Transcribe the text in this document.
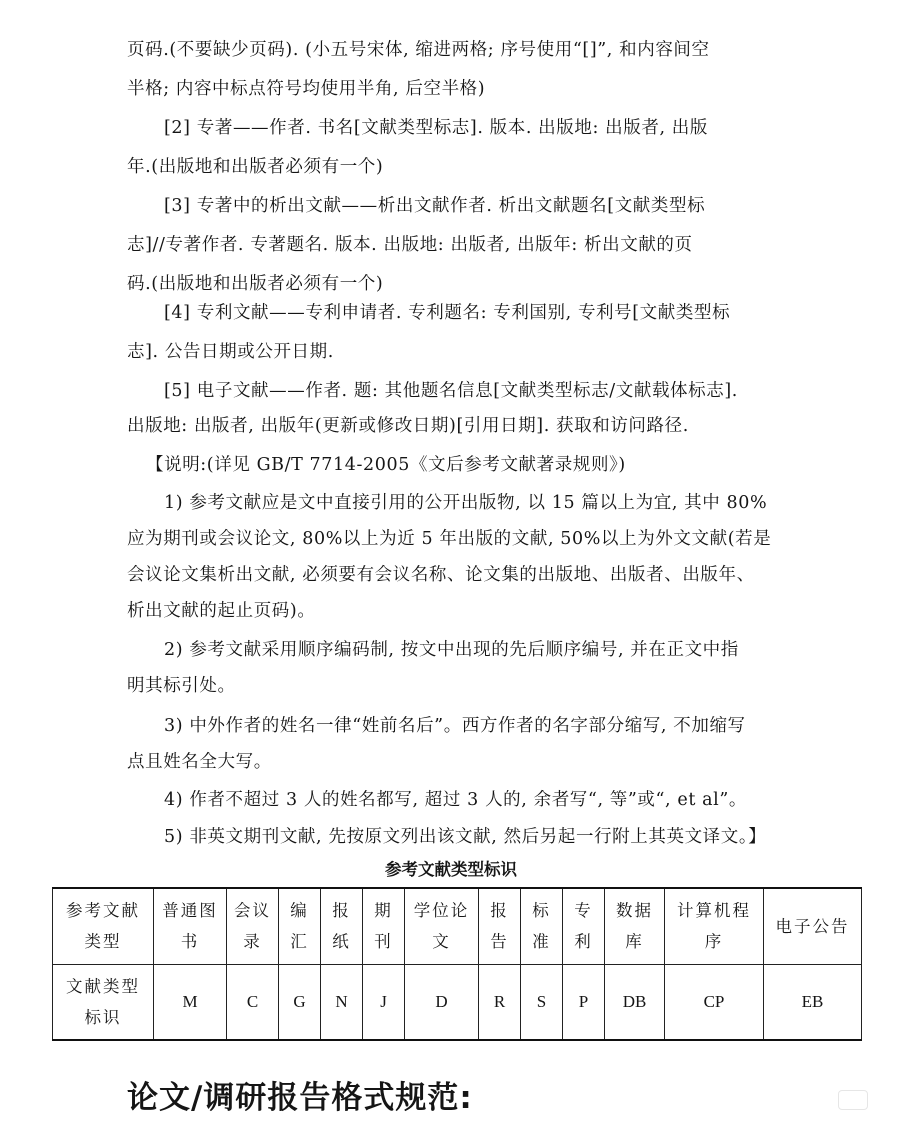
页码.(不要缺少页码). (小五号宋体, 缩进两格; 序号使用“[]”, 和内容间空
半格; 内容中标点符号均使用半角, 后空半格)
[2] 专著——作者. 书名[文献类型标志]. 版本. 出版地: 出版者, 出版
年.(出版地和出版者必须有一个)
[3] 专著中的析出文献——析出文献作者. 析出文献题名[文献类型标
志]//专著作者. 专著题名. 版本. 出版地: 出版者, 出版年: 析出文献的页
码.(出版地和出版者必须有一个)
[4] 专利文献——专利申请者. 专利题名: 专利国别, 专利号[文献类型标
志]. 公告日期或公开日期.
[5] 电子文献——作者. 题: 其他题名信息[文献类型标志/文献载体标志].
出版地: 出版者, 出版年(更新或修改日期)[引用日期]. 获取和访问路径.
【说明:(详见 GB/T 7714-2005《文后参考文献著录规则》)
1) 参考文献应是文中直接引用的公开出版物, 以 15 篇以上为宜, 其中 80%
应为期刊或会议论文, 80%以上为近 5 年出版的文献, 50%以上为外文文献(若是
会议论文集析出文献, 必须要有会议名称、论文集的出版地、出版者、出版年、
析出文献的起止页码)。
2) 参考文献采用顺序编码制, 按文中出现的先后顺序编号, 并在正文中指
明其标引处。
3) 中外作者的姓名一律“姓前名后”。西方作者的名字部分缩写, 不加缩写
点且姓名全大写。
4) 作者不超过 3 人的姓名都写, 超过 3 人的, 余者写“, 等”或“, et al”。
5) 非英文期刊文献, 先按原文列出该文献, 然后另起一行附上其英文译文。】
参考文献类型标识
参考文献类型	普通图书	会议录	编汇	报纸	期刊	学位论文	报告	标准	专利	数据库	计算机程序	电子公告
文献类型标识	M	C	G	N	J	D	R	S	P	DB	CP	EB
论文/调研报告格式规范:
